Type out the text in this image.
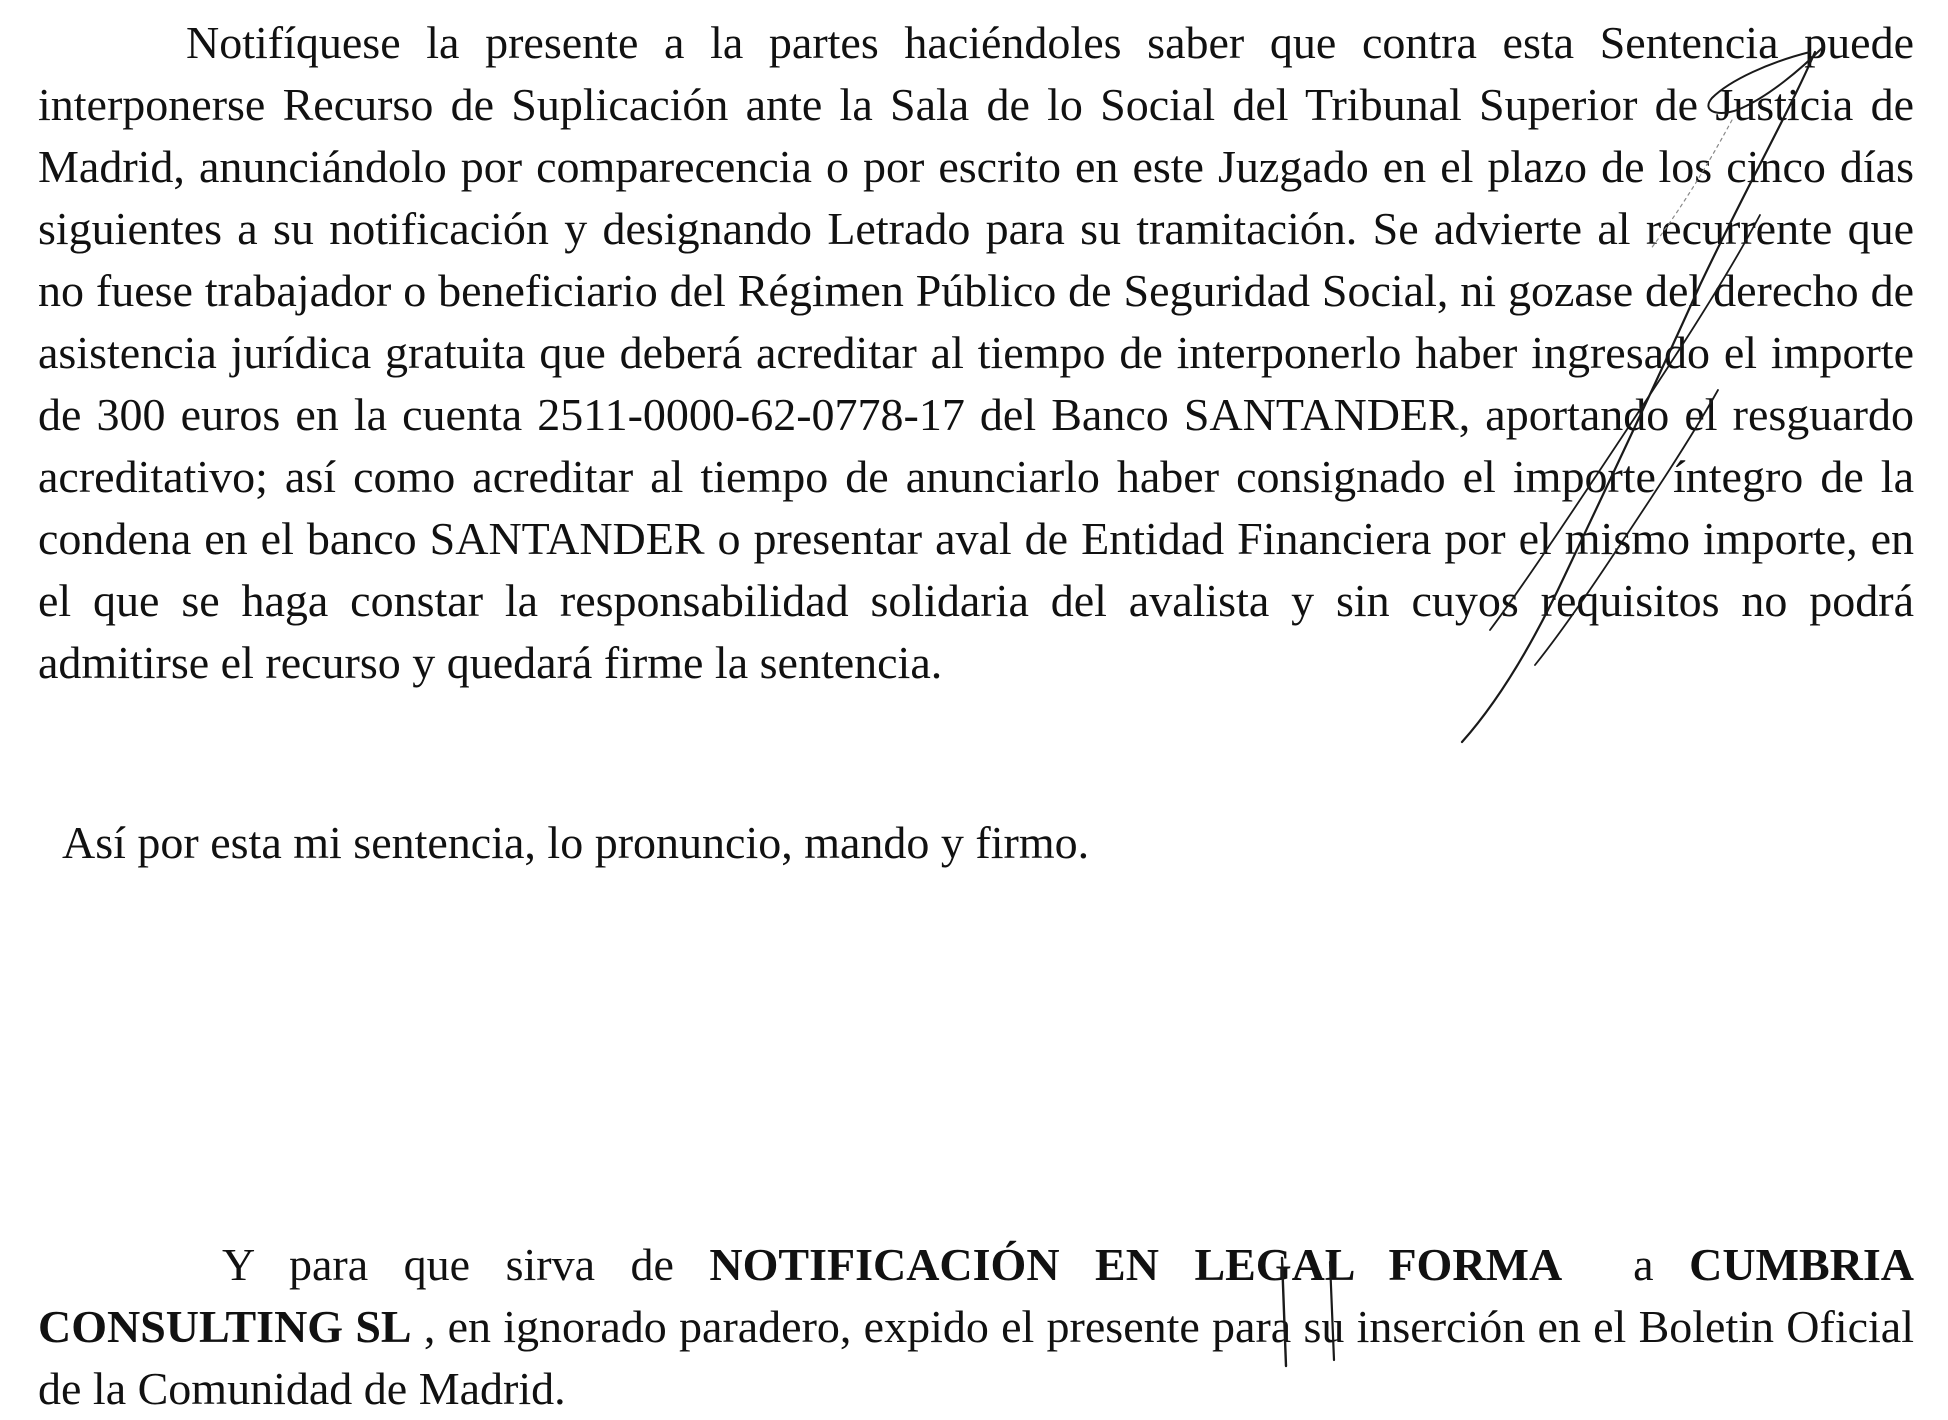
Notifíquese la presente a la partes haciéndoles saber que contra esta Sentencia puede interponerse Recurso de Suplicación ante la Sala de lo Social del Tribunal Superior de Justicia de Madrid, anunciándolo por comparecencia o por escrito en este Juzgado en el plazo de los cinco días siguientes a su notificación y designando Letrado para su tramitación. Se advierte al recurrente que no fuese trabajador o beneficiario del Régimen Público de Seguridad Social, ni gozase del derecho de asistencia jurídica gratuita que deberá acreditar al tiempo de interponerlo haber ingresado el importe de 300 euros en la cuenta 2511-0000-62-0778-17 del Banco SANTANDER, aportando el resguardo acreditativo; así como acreditar al tiempo de anunciarlo haber consignado el importe íntegro de la condena en el banco SANTANDER o presentar aval de Entidad Financiera por el mismo importe, en el que se haga constar la responsabilidad solidaria del avalista y sin cuyos requisitos no podrá admitirse el recurso y quedará firme la sentencia.

Así por esta mi sentencia, lo pronuncio, mando y firmo.

Y para que sirva de NOTIFICACIÓN EN LEGAL FORMA  a CUMBRIA CONSULTING SL , en ignorado paradero, expido el presente para su inserción en el Boletin Oficial de la Comunidad de Madrid.
